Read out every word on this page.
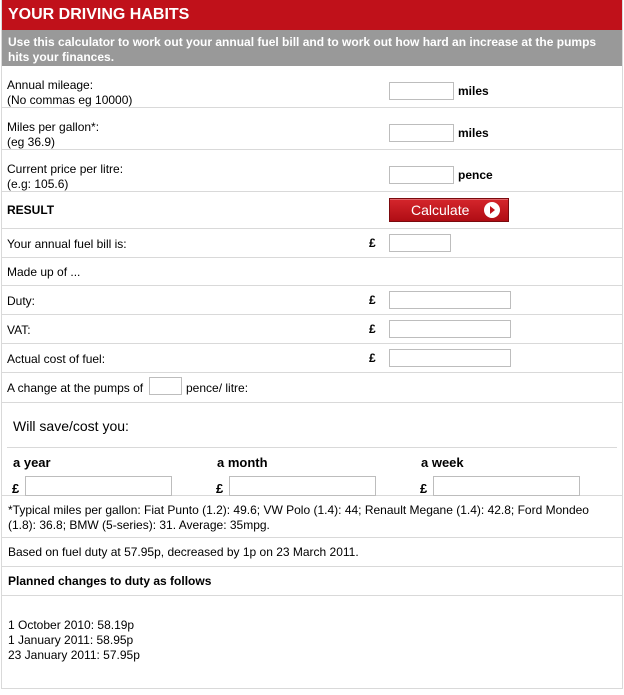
YOUR DRIVING HABITS
Use this calculator to work out your annual fuel bill and to work out how hard an increase at the pumps hits your finances.
Annual mileage:
(No commas eg 10000)
miles
Miles per gallon*:
(eg 36.9)
miles
Current price per litre:
(e.g: 105.6)
pence
RESULT	Calculate
Your annual fuel bill is:	£
Made up of ...
Duty:	£
VAT:	£
Actual cost of fuel:	£
A change at the pumps of	pence/ litre:
Will save/cost you:
a year
£
a month
£
a week
£
*Typical miles per gallon: Fiat Punto (1.2): 49.6; VW Polo (1.4): 44; Renault Megane (1.4): 42.8; Ford Mondeo (1.8): 36.8; BMW (5-series): 31. Average: 35mpg.
Based on fuel duty at 57.95p, decreased by 1p on 23 March 2011.
Planned changes to duty as follows
1 October 2010: 58.19p
1 January 2011: 58.95p
23 January 2011: 57.95p
